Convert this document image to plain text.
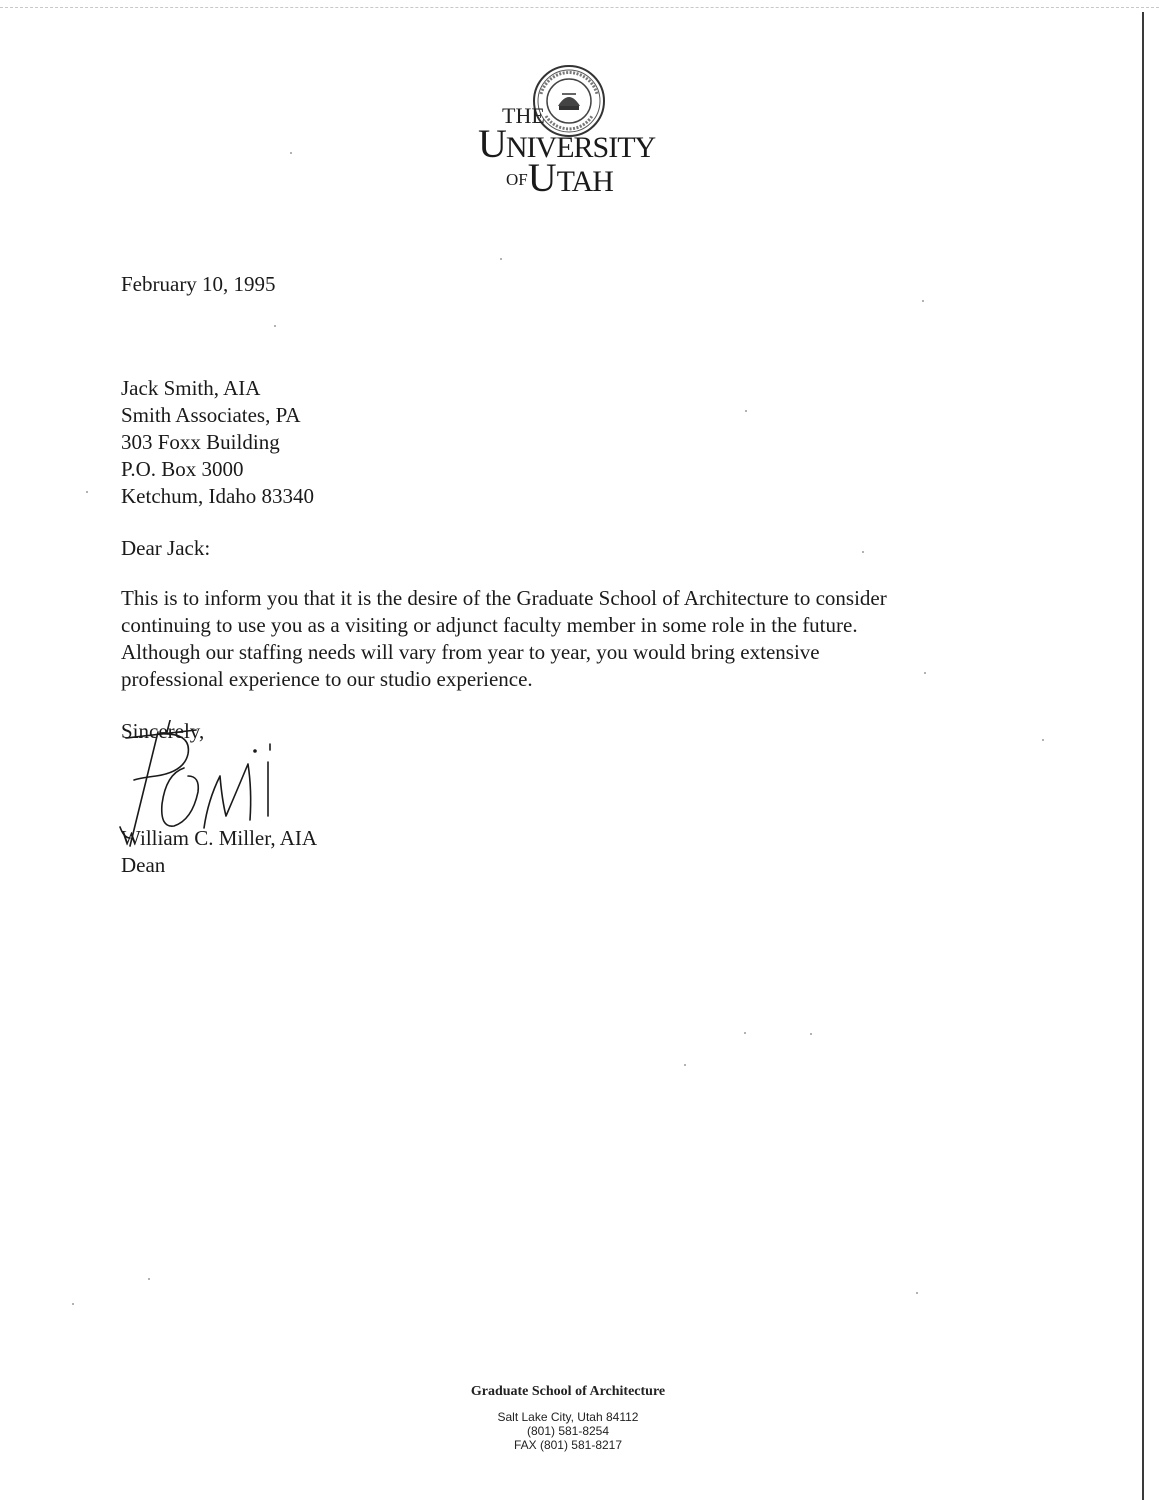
THE
UNIVERSITY
OFUTAH
February 10, 1995
Jack Smith, AIA
Smith Associates, PA
303 Foxx Building
P.O. Box 3000
Ketchum, Idaho 83340
Dear Jack:
This is to inform you that it is the desire of the Graduate School of Architecture to consider
continuing to use you as a visiting or adjunct faculty member in some role in the future.
Although our staffing needs will vary from year to year, you would bring extensive
professional experience to our studio experience.
Sincerely,
William C. Miller, AIA
Dean
Graduate School of Architecture
Salt Lake City, Utah 84112
(801) 581-8254
FAX (801) 581-8217
